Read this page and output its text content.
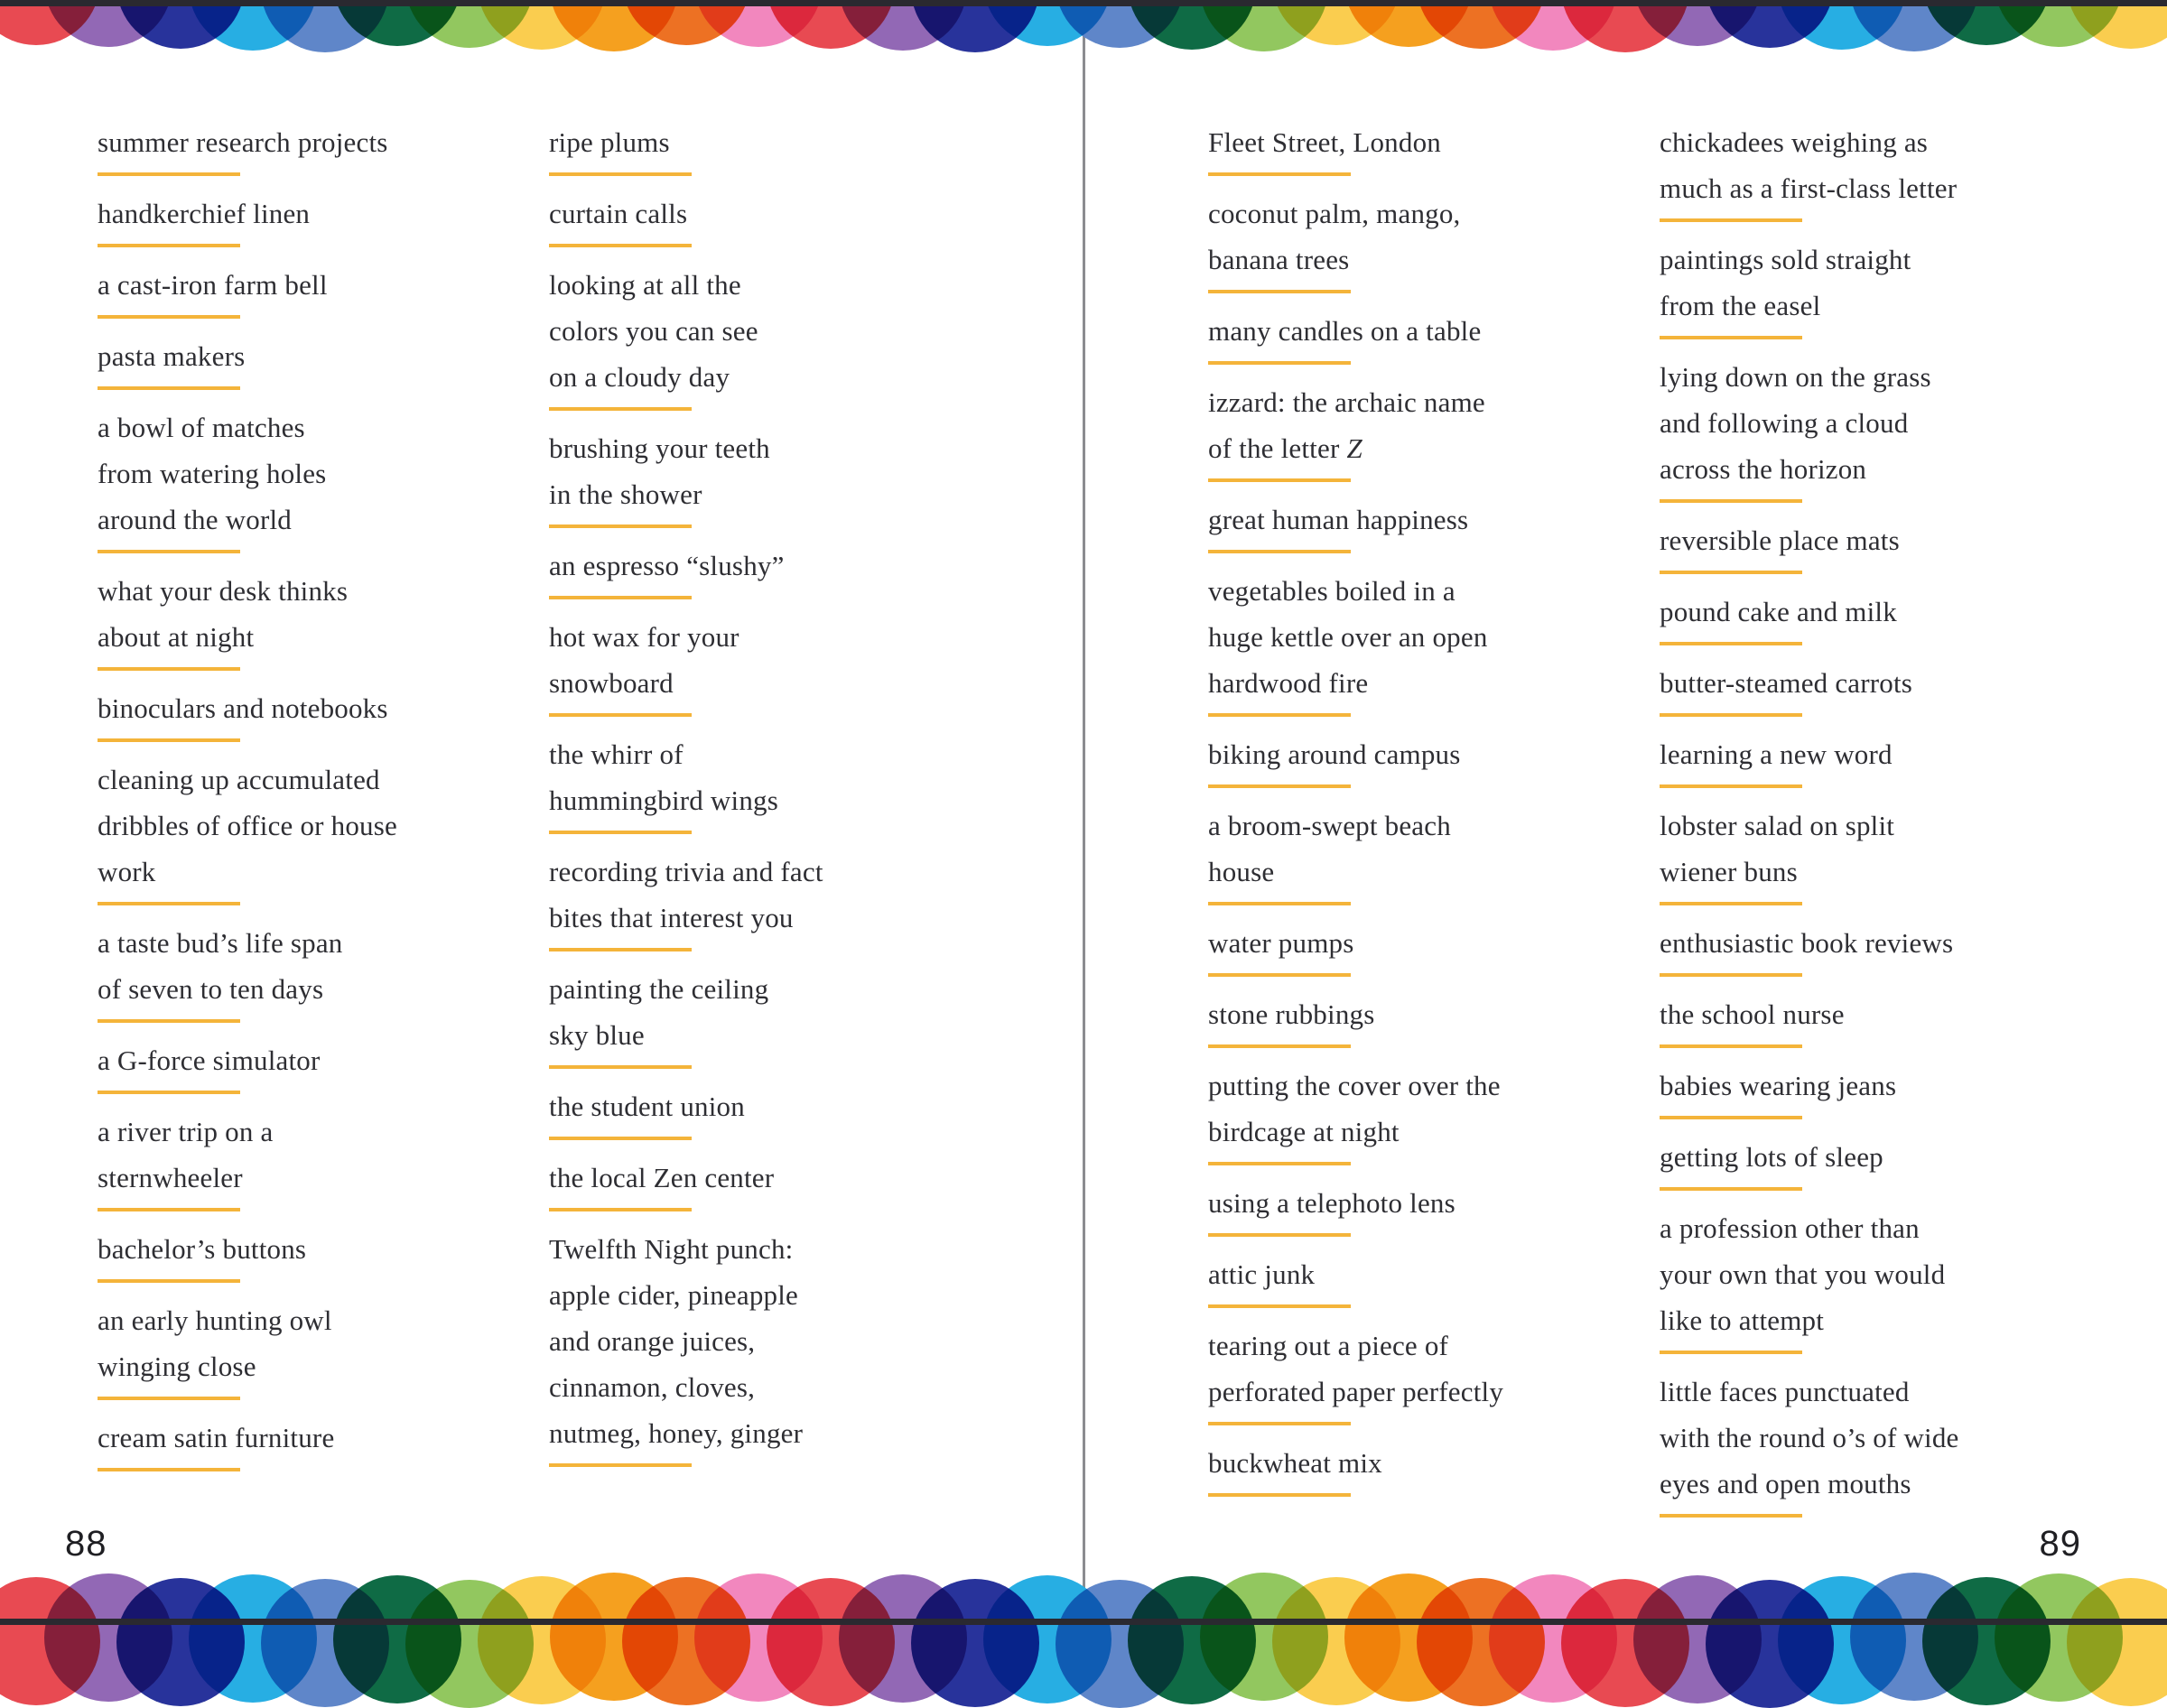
summer research projects
handkerchief linen
a cast-iron farm bell
pasta makers
a bowl of matches
from watering holes
around the world
what your desk thinks
about at night
binoculars and notebooks
cleaning up accumulated
dribbles of office or house
work
a taste bud’s life span
of seven to ten days
a G-force simulator
a river trip on a
sternwheeler
bachelor’s buttons
an early hunting owl
winging close
cream satin furniture
ripe plums
curtain calls
looking at all the
colors you can see
on a cloudy day
brushing your teeth
in the shower
an espresso “slushy”
hot wax for your
snowboard
the whirr of
hummingbird wings
recording trivia and fact
bites that interest you
painting the ceiling
sky blue
the student union
the local Zen center
Twelfth Night punch:
apple cider, pineapple
and orange juices,
cinnamon, cloves,
nutmeg, honey, ginger
Fleet Street, London
coconut palm, mango,
banana trees
many candles on a table
izzard: the archaic name
of the letter Z
great human happiness
vegetables boiled in a
huge kettle over an open
hardwood fire
biking around campus
a broom-swept beach
house
water pumps
stone rubbings
putting the cover over the
birdcage at night
using a telephoto lens
attic junk
tearing out a piece of
perforated paper perfectly
buckwheat mix
chickadees weighing as
much as a first-class letter
paintings sold straight
from the easel
lying down on the grass
and following a cloud
across the horizon
reversible place mats
pound cake and milk
butter-steamed carrots
learning a new word
lobster salad on split
wiener buns
enthusiastic book reviews
the school nurse
babies wearing jeans
getting lots of sleep
a profession other than
your own that you would
like to attempt
little faces punctuated
with the round o’s of wide
eyes and open mouths
88	89
